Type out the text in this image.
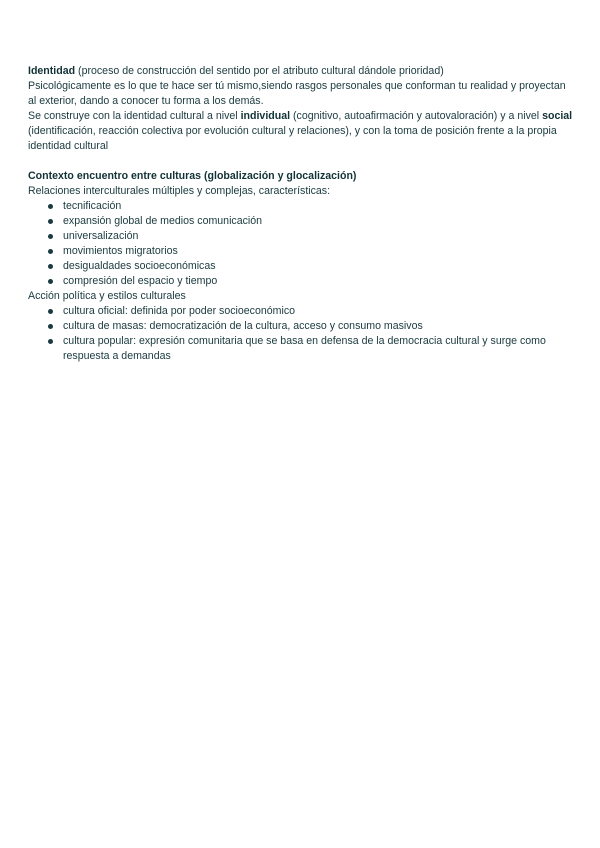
Identidad (proceso de construcción del sentido por el atributo cultural dándole prioridad)

Psicológicamente es lo que te hace ser tú mismo,siendo rasgos personales que conforman tu realidad y proyectan al exterior, dando a conocer tu forma a los demás.

Se construye con la identidad cultural a nivel individual (cognitivo, autoafirmación y autovaloración) y a nivel social (identificación, reacción colectiva por evolución cultural y relaciones), y con la toma de posición frente a la propia identidad cultural

Contexto encuentro entre culturas (globalización y glocalización)

Relaciones interculturales múltiples y complejas, características:

tecnificación
expansión global de medios comunicación
universalización
movimientos migratorios
desigualdades socioeconómicas
compresión del espacio y tiempo

Acción política y estilos culturales

cultura oficial: definida por poder socioeconómico
cultura de masas: democratización de la cultura, acceso y consumo masivos
cultura popular: expresión comunitaria que se basa en defensa de la democracia cultural y surge como respuesta a demandas
